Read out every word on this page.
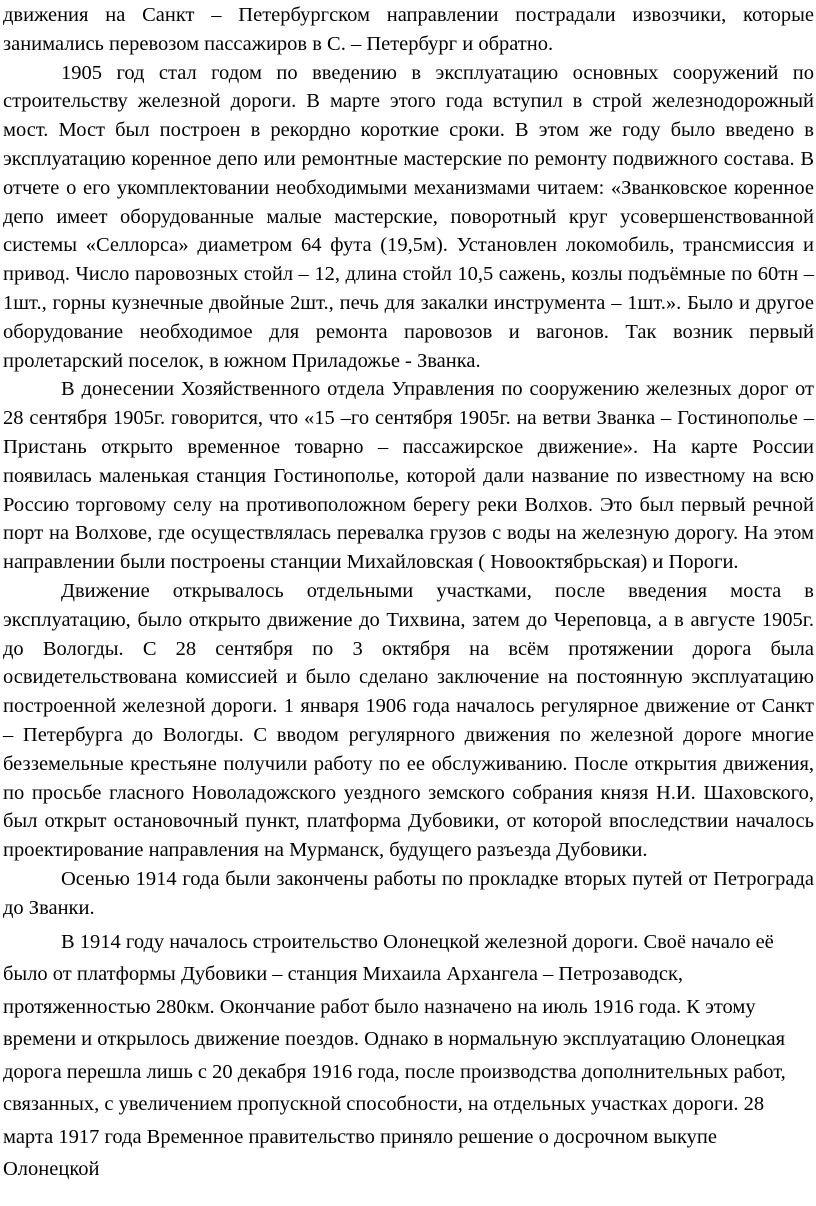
движения на Санкт – Петербургском направлении пострадали извозчики, которые занимались перевозом пассажиров в С. – Петербург и обратно.

1905 год стал годом по введению в эксплуатацию основных сооружений по строительству железной дороги. В марте этого года вступил в строй железнодорожный мост. Мост был построен в рекордно короткие сроки. В этом же году было введено в эксплуатацию коренное депо или ремонтные мастерские по ремонту подвижного состава. В отчете о его укомплектовании необходимыми механизмами читаем: «Званковское коренное депо имеет оборудованные малые мастерские, поворотный круг усовершенствованной системы «Селлорса» диаметром 64 фута (19,5м). Установлен локомобиль, трансмиссия и привод. Число паровозных стойл – 12, длина стойл 10,5 сажень, козлы подъёмные по 60тн – 1шт., горны кузнечные двойные 2шт., печь для закалки инструмента – 1шт.». Было и другое оборудование необходимое для ремонта паровозов и вагонов. Так возник первый пролетарский поселок, в южном Приладожье - Званка.

В донесении Хозяйственного отдела Управления по сооружению железных дорог от 28 сентября 1905г. говорится, что «15 –го сентября 1905г. на ветви Званка – Гостинополье – Пристань открыто временное товарно – пассажирское движение». На карте России появилась маленькая станция Гостинополье, которой дали название по известному на всю Россию торговому селу на противоположном берегу реки Волхов. Это был первый речной порт на Волхове, где осуществлялась перевалка грузов с воды на железную дорогу. На этом направлении были построены станции Михайловская ( Новооктябрьская) и Пороги.

Движение открывалось отдельными участками, после введения моста в эксплуатацию, было открыто движение до Тихвина, затем до Череповца, а в августе 1905г. до Вологды. С 28 сентября по 3 октября на всём протяжении дорога была освидетельствована комиссией и было сделано заключение на постоянную эксплуатацию построенной железной дороги. 1 января 1906 года началось регулярное движение от Санкт – Петербурга до Вологды. С вводом регулярного движения по железной дороге многие безземельные крестьяне получили работу по ее обслуживанию. После открытия движения, по просьбе гласного Новоладожского уездного земского собрания князя Н.И. Шаховского, был открыт остановочный пункт, платформа Дубовики, от которой впоследствии началось проектирование направления на Мурманск, будущего разъезда Дубовики.

Осенью 1914 года были закончены работы по прокладке вторых путей от Петрограда до Званки.

В 1914 году началось строительство Олонецкой железной дороги. Своё начало её было от платформы Дубовики – станция Михаила Архангела – Петрозаводск, протяженностью 280км. Окончание работ было назначено на июль 1916 года. К этому времени и открылось движение поездов. Однако в нормальную эксплуатацию Олонецкая дорога перешла лишь с 20 декабря 1916 года, после производства дополнительных работ, связанных, с увеличением пропускной способности, на отдельных участках дороги. 28 марта 1917 года Временное правительство приняло решение о досрочном выкупе Олонецкой
